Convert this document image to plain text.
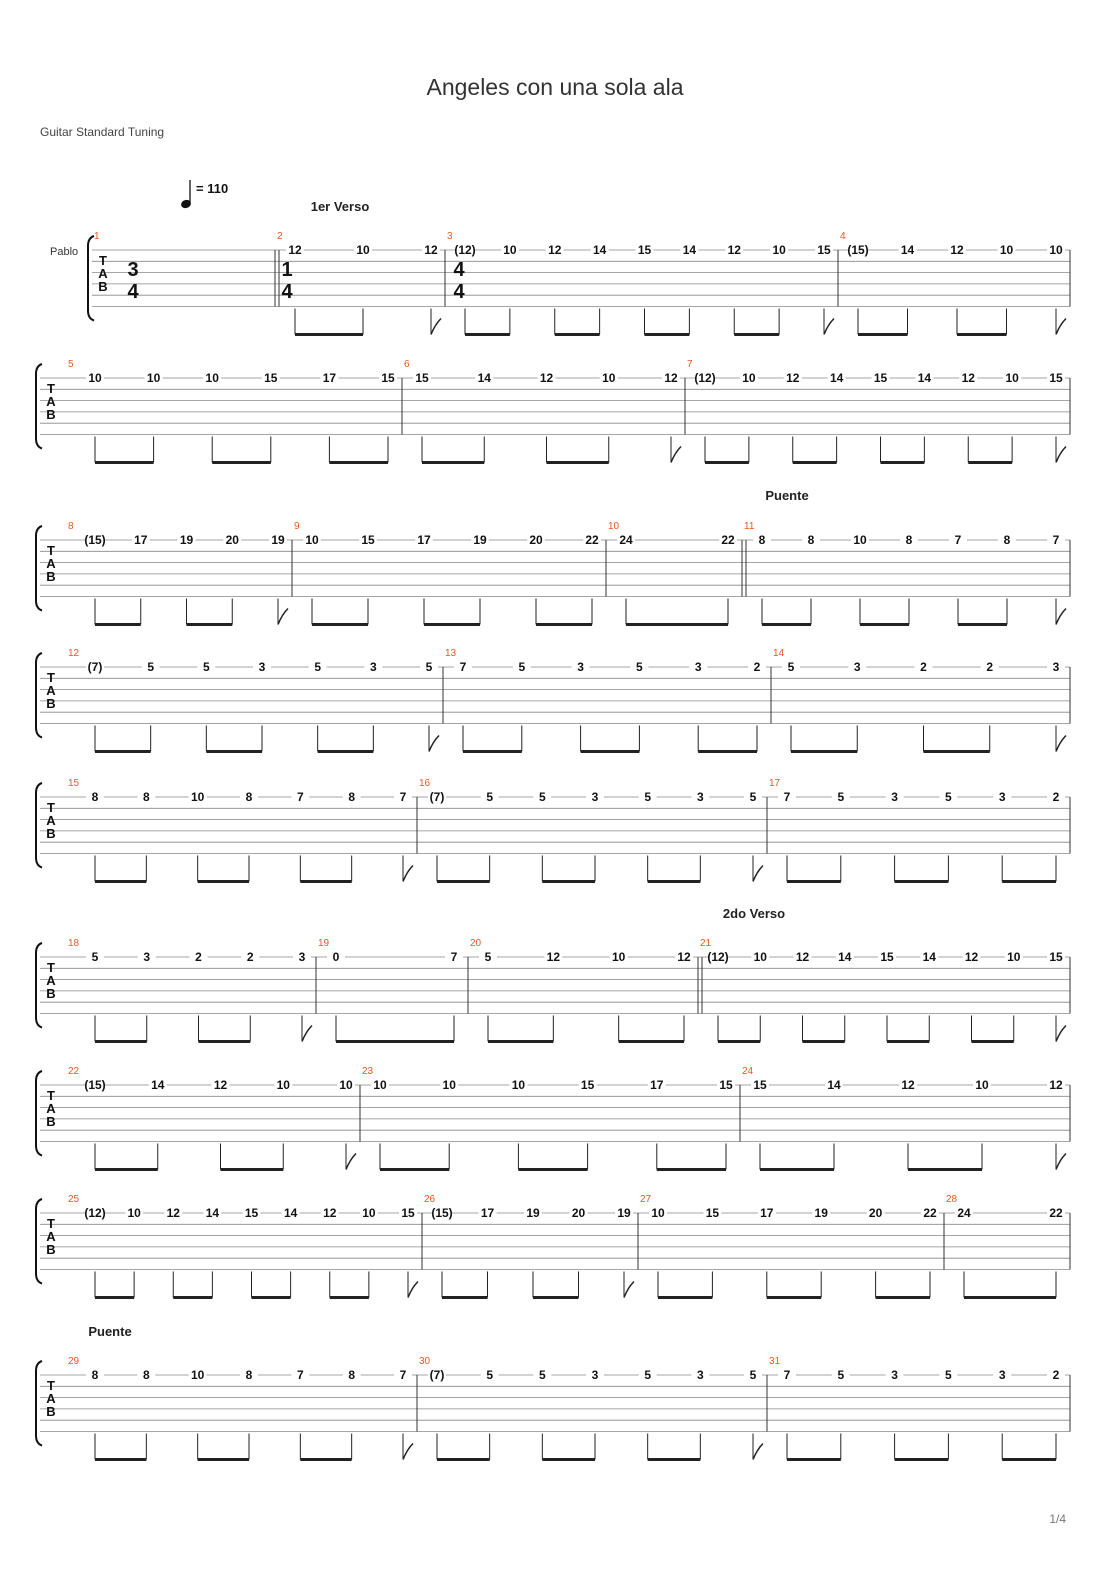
Angeles con una sola ala
Guitar Standard Tuning
1/4
T
A
B
1	2
1er Verso
12	10	12
3
(12) 10	12	14	15	14	12	10	15
4
(15)	14	12	10	10
T
A
B
5
10	10	10	15	17	15
6
15	14	12	10	12
7
(12) 10	12	14	15	14	12	10	15
T
A
B
8
(15) 17	19	20	19
9
10	15	17	19	20	22
10
24	22
11
Puente
8	8	10	8	7	8	7
T
A
B
12
(7)	5	5	3	5	3	5
13
7	5	3	5	3	2
14
5	3	2	2	3
T
A
B
15
8	8	10	8	7	8	7
16
(7)	5	5	3	5	3	5
17
7	5	3	5	3	2
T
A
B
18
5	3	2	2	3
19
0	7
20
5	12	10	12
21
2do Verso
(12) 10 12 14 15 14 12 10 15
T
A
B
22
(15)	14	12	10	10
23
10	10	10	15	17	15
24
15	14	12	10	12
T
A
B
25
(12) 10 12 14 15 14 12 10 15
26
(15) 17	19	20	19
27
10	15	17	19	20	22
28
24	22
T
A
B
29
Puente
8	8	10	8	7	8	7
30
(7)	5	5	3	5	3	5
31
7	5	3	5	3	2
3
4
1
4
4
4
= 110
Pablo
